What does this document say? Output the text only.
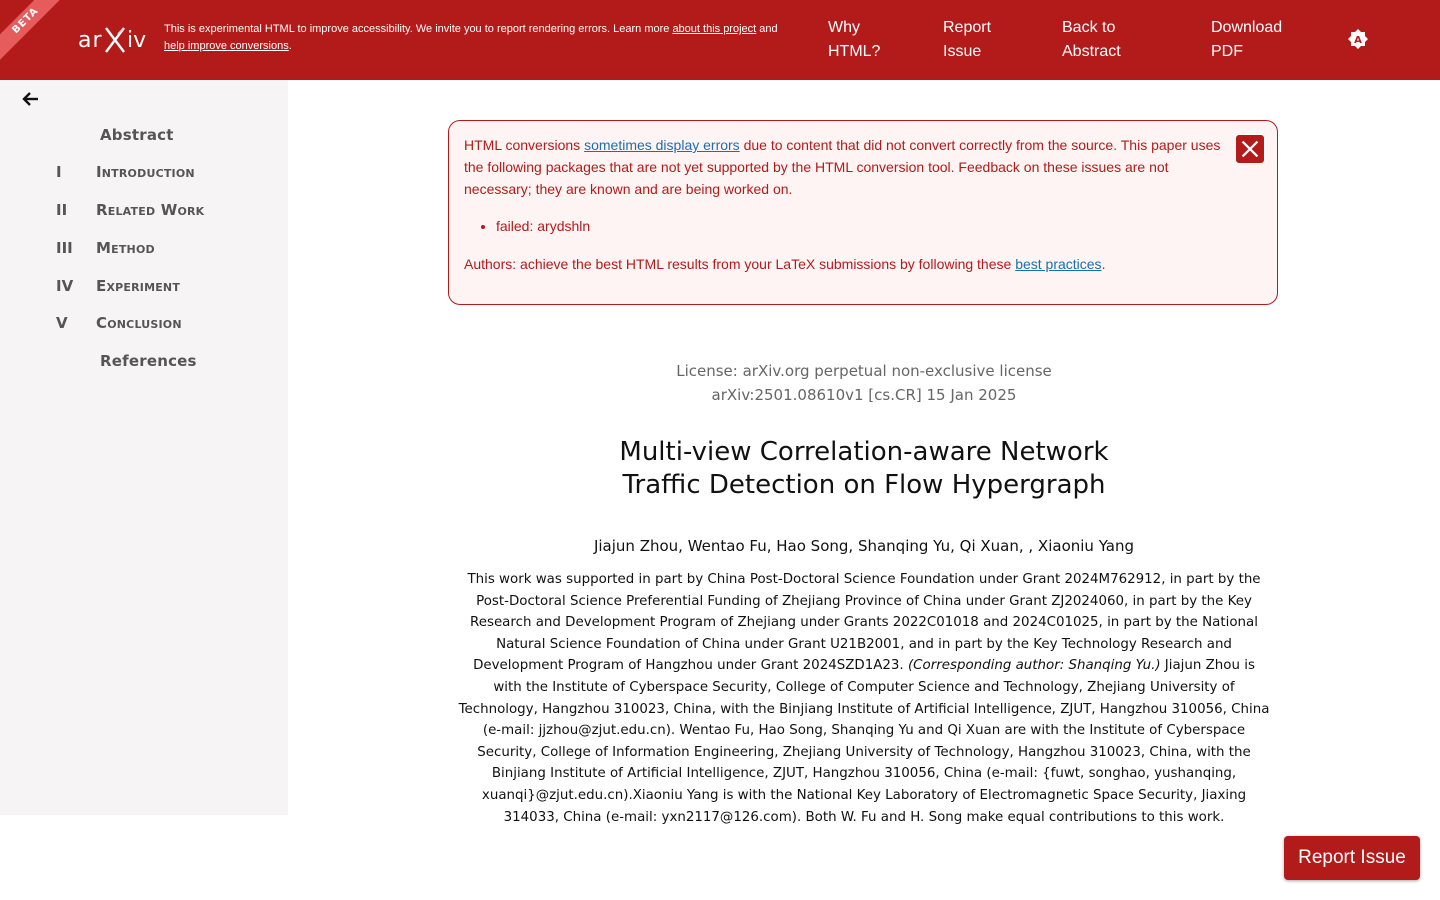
BETA
ar iv This is experimental HTML to improve accessibility. We invite you to report rendering errors. Learn more about this project and
help improve conversions.
Why
HTML?
Report
Issue
Back to
Abstract
Download
PDF
A
Abstract
I	Introduction
II	Related Work
III	Method
IV	Experiment
V	Conclusion
References

HTML conversions sometimes display errors due to content that did not convert correctly from the source. This paper uses the following packages that are not yet supported by the HTML conversion tool. Feedback on these issues are not necessary; they are known and are being worked on.

• failed: arydshln

Authors: achieve the best HTML results from your LaTeX submissions by following these best practices.

License: arXiv.org perpetual non-exclusive license
arXiv:2501.08610v1 [cs.CR] 15 Jan 2025
Multi-view Correlation-aware Network
Traffic Detection on Flow Hypergraph
Jiajun Zhou, Wentao Fu, Hao Song, Shanqing Yu, Qi Xuan, , Xiaoniu Yang
This work was supported in part by China Post-Doctoral Science Foundation under Grant 2024M762912, in part by the Post-Doctoral Science Preferential Funding of Zhejiang Province of China under Grant ZJ2024060, in part by the Key Research and Development Program of Zhejiang under Grants 2022C01018 and 2024C01025, in part by the National Natural Science Foundation of China under Grant U21B2001, and in part by the Key Technology Research and Development Program of Hangzhou under Grant 2024SZD1A23. (Corresponding author: Shanqing Yu.) Jiajun Zhou is with the Institute of Cyberspace Security, College of Computer Science and Technology, Zhejiang University of Technology, Hangzhou 310023, China, with the Binjiang Institute of Artificial Intelligence, ZJUT, Hangzhou 310056, China (e-mail: jjzhou@zjut.edu.cn). Wentao Fu, Hao Song, Shanqing Yu and Qi Xuan are with the Institute of Cyberspace Security, College of Information Engineering, Zhejiang University of Technology, Hangzhou 310023, China, with the Binjiang Institute of Artificial Intelligence, ZJUT, Hangzhou 310056, China (e-mail: {fuwt, songhao, yushanqing, xuanqi}@zjut.edu.cn).Xiaoniu Yang is with the National Key Laboratory of Electromagnetic Space Security, Jiaxing 314033, China (e-mail: yxn2117@126.com). Both W. Fu and H. Song make equal contributions to this work.
Report Issue
